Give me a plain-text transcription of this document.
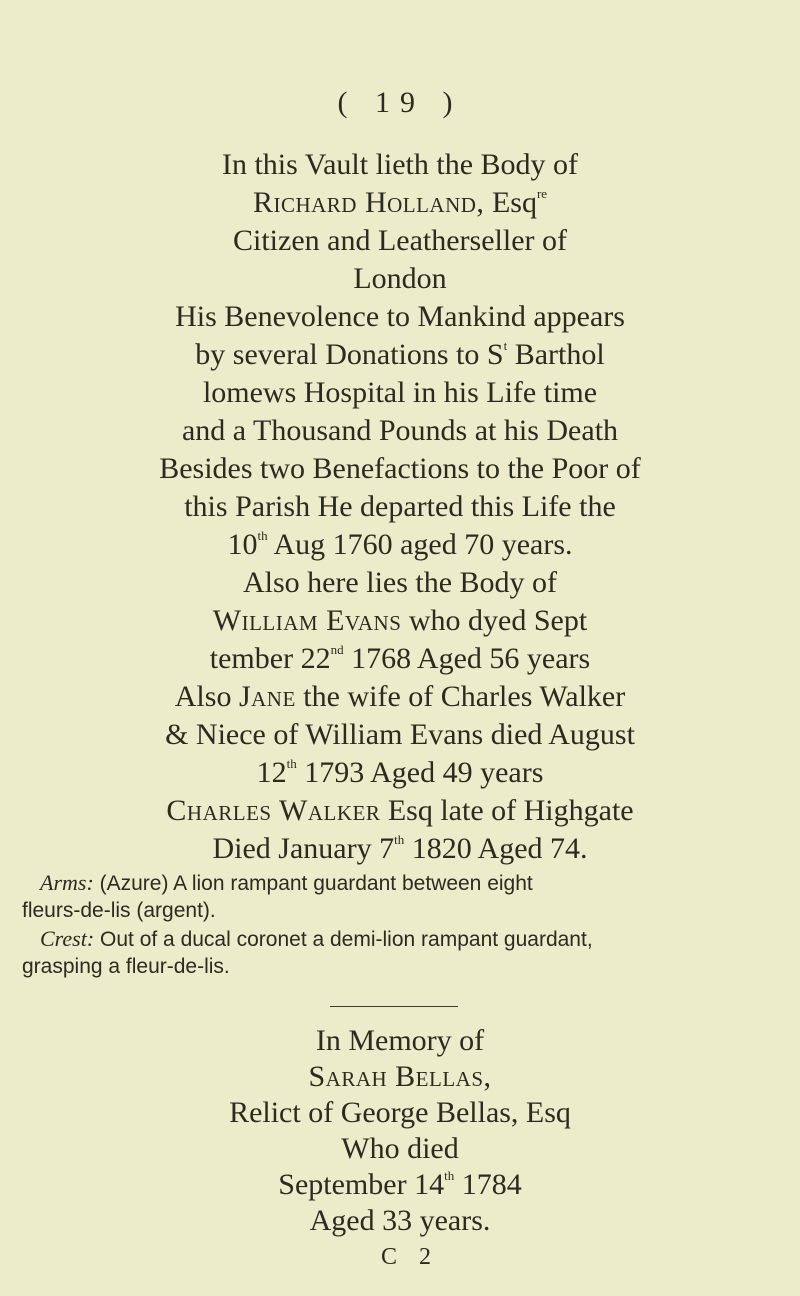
( 19 )
In this Vault lieth the Body of
Richard Holland, Esq$^{re}$
Citizen and Leatherseller of
London
His Benevolence to Mankind appears
by several Donations to $S^t$ Barthol
lomews Hospital in his Life time
and a Thousand Pounds at his Death
Besides two Benefactions to the Poor of
this Parish He departed this Life the
10th Aug 1760 aged 70 years.
Also here lies the Body of
William Evans who dyed Sept
tember 22nd 1768 Aged 56 years
Also Jane the wife of Charles Walker
& Niece of William Evans died August
12th 1793 Aged 49 years
Charles Walker Esq late of Highgate
Died January 7th 1820 Aged 74.
Arms: (Azure) A lion rampant guardant between eight
fleurs-de-lis (argent).
Crest: Out of a ducal coronet a demi-lion rampant guardant,
grasping a fleur-de-lis.
In Memory of
Sarah Bellas,
Relict of George Bellas, Esq
Who died
September 14th 1784
Aged 33 years.
C 2
